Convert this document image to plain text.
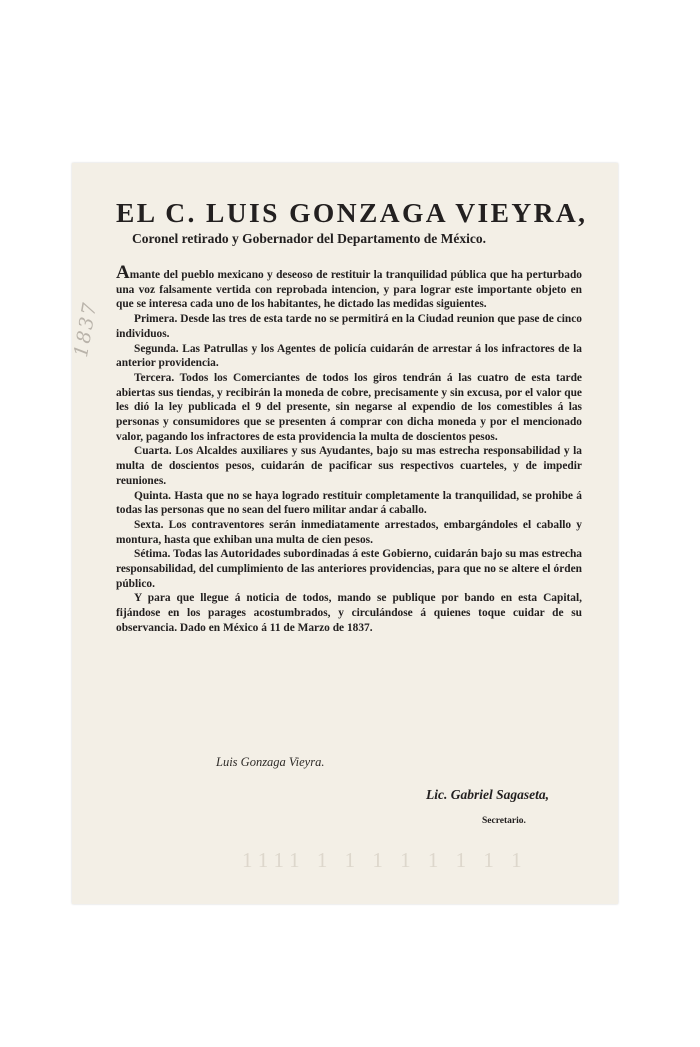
1837
EL C. LUIS GONZAGA VIEYRA,
Coronel retirado y Gobernador del Departamento de México.

Amante del pueblo mexicano y deseoso de restituir la tranquilidad pública que ha perturbado una voz falsamente vertida con reprobada intencion, y para lograr este importante objeto en que se interesa cada uno de los habitantes, he dictado las medidas siguientes.

Primera. Desde las tres de esta tarde no se permitirá en la Ciudad reunion que pase de cinco individuos.

Segunda. Las Patrullas y los Agentes de policía cuidarán de arrestar á los infractores de la anterior providencia.

Tercera. Todos los Comerciantes de todos los giros tendrán á las cuatro de esta tarde abiertas sus tiendas, y recibirán la moneda de cobre, precisamente y sin excusa, por el valor que les dió la ley publicada el 9 del presente, sin negarse al expendio de los comestibles á las personas y consumidores que se presenten á comprar con dicha moneda y por el mencionado valor, pagando los infractores de esta providencia la multa de doscientos pesos.

Cuarta. Los Alcaldes auxiliares y sus Ayudantes, bajo su mas estrecha responsabilidad y la multa de doscientos pesos, cuidarán de pacificar sus respectivos cuarteles, y de impedir reuniones.

Quinta. Hasta que no se haya logrado restituir completamente la tranquilidad, se prohibe á todas las personas que no sean del fuero militar andar á caballo.

Sexta. Los contraventores serán inmediatamente arrestados, embargándoles el caballo y montura, hasta que exhiban una multa de cien pesos.

Sétima. Todas las Autoridades subordinadas á este Gobierno, cuidarán bajo su mas estrecha responsabilidad, del cumplimiento de las anteriores providencias, para que no se altere el órden público.

Y para que llegue á noticia de todos, mando se publique por bando en esta Capital, fijándose en los parages acostumbrados, y circulándose á quienes toque cuidar de su observancia. Dado en México á 11 de Marzo de 1837.

Luis Gonzaga Vieyra.
Lic. Gabriel Sagaseta,
Secretario.
1111 1 1 1 1 1 1 1 1
